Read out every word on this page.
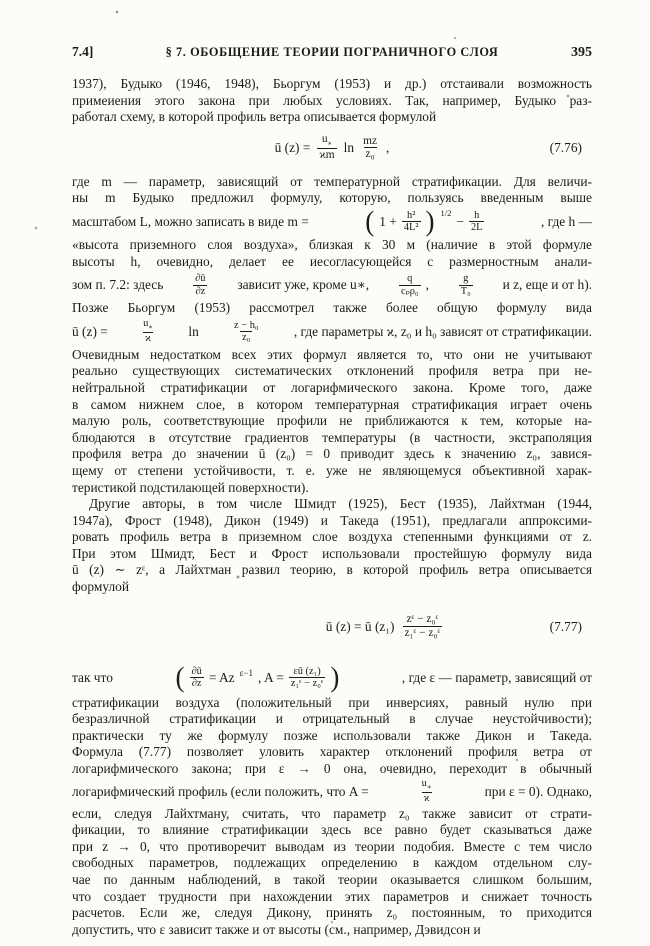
7.4]	§ 7. ОБОБЩЕНИЕ ТЕОРИИ ПОГРАНИЧНОГО СЛОЯ	395
1937), Будыко (1946, 1948), Бьоргум (1953) и др.) отстаивали возможность
примеиения этого закона при любых условиях. Так, например, Будыко раз-
работал схему, в которой профиль ветра описывается формулой
ū $(z) = \frac{u_∗}{ϰm}$ $\ln \frac{mz}{\text{z₀}}$ ,	(7.76)
где m — параметр, зависящий от температурной стратификации. Для величи-
ны m Будыко предложил формулу, которую, пользуясь введенным выше
масштабом L, можно записать в виде m = ( $1 + \frac{\text{h²}}{\text{4L²}}$ ) 1/2
− $\frac{h}{2L}$	, где h —
«высота приземного слоя воздуха», близкая к 30 м (наличие в этой формуле
высоты h, очевидно, делает ее иесогласующейся с размерностным анали-
зом п. 7.2: здесь	$\frac{\partial ū}{\partial z}$ зависит уже, кроме u∗,	$\frac{q}{\text{cₚρ₀}}$ ,	$\frac{g}{\text{T₀}}$ и z, еще и от h).
Позже Бьоргум (1953) рассмотрел также более общую формулу вида
ū (z) =	$\frac{u_∗}{ϰ}$ ln	$\frac{\text{z − h₀}}{\text{z₀}}$ , где параметры ϰ, z₀ и h₀ зависят от стратификации.
Очевидным недостатком всех этих формул является то, что они не учитывают
реально существующих систематических отклонений профиля ветра при не-
нейтральной стратификации от логарифмического закона. Кроме того, даже
в самом нижнем слое, в котором температурная стратификация играет очень
малую роль, соответствующие профили не приближаются к тем, которые на-
блюдаются в отсутствие градиентов температуры (в частности, экстраполяция
профиля ветра до значении ū (z₀) = 0 приводит здесь к значению z₀, завися-
щему от степени устойчивости, т. е. уже не являющемуся объективной харак-
теристикой подстилающей поверхности).
Другие авторы, в том числе Шмидт (1925), Бест (1935), Лайхтман (1944,
1947а), Фрост (1948), Дикон (1949) и Такеда (1951), предлагали аппроксими-
ровать профиль ветра в приземном слое воздуха степенными функциями от z.
При этом Шмидт, Бест и Фрост использовали простейшую формулу вида
ū (z) ∼ zᵋ, а Лайхтман развил теорию, в которой профиль ветра описывается
формулой
ū (z) = ū $(z_1) \frac{\text{zᵋ − z₀ᵋ}}{\text{z₁ᵋ − z₀ᵋ}}$	(7.77)
так что ( $\frac{\partial ū}{\partial z} = Az$ ε−1 , $A = \frac{\text{εū (z₁)}}{\text{z₁ᵋ − z₀ᵋ}}$ )	, где ε — параметр, зависящий от
стратификации воздуха (положительный при инверсиях, равный нулю при
безразличной стратификации и отрицательный в случае неустойчивости);
практически ту же формулу позже использовали также Дикон и Такеда.
Формула (7.77) позволяет уловить характер отклонений профиля ветра от
логарифмического закона; при ε → 0 она, очевидно, переходит в обычный
логарифмический профиль (если положить, что A =	$\frac{u_∗}{ϰ}$	при ε = 0). Однако,
если, следуя Лайхтману, считать, что параметр z₀ также зависит от страти-
фикации, то влияние стратификации здесь все равно будет сказываться даже
при z → 0, что противоречит выводам из теории подобия. Вместе с тем число
свободных параметров, подлежащих определению в каждом отдельном слу-
чае по данным наблюдений, в такой теории оказывается слишком большим,
что создает трудности при нахождении этих параметров и снижает точность
расчетов. Если же, следуя Дикону, принять z₀ постоянным, то приходится
допустить, что ε зависит также и от высоты (см., например, Дэвидсон и
